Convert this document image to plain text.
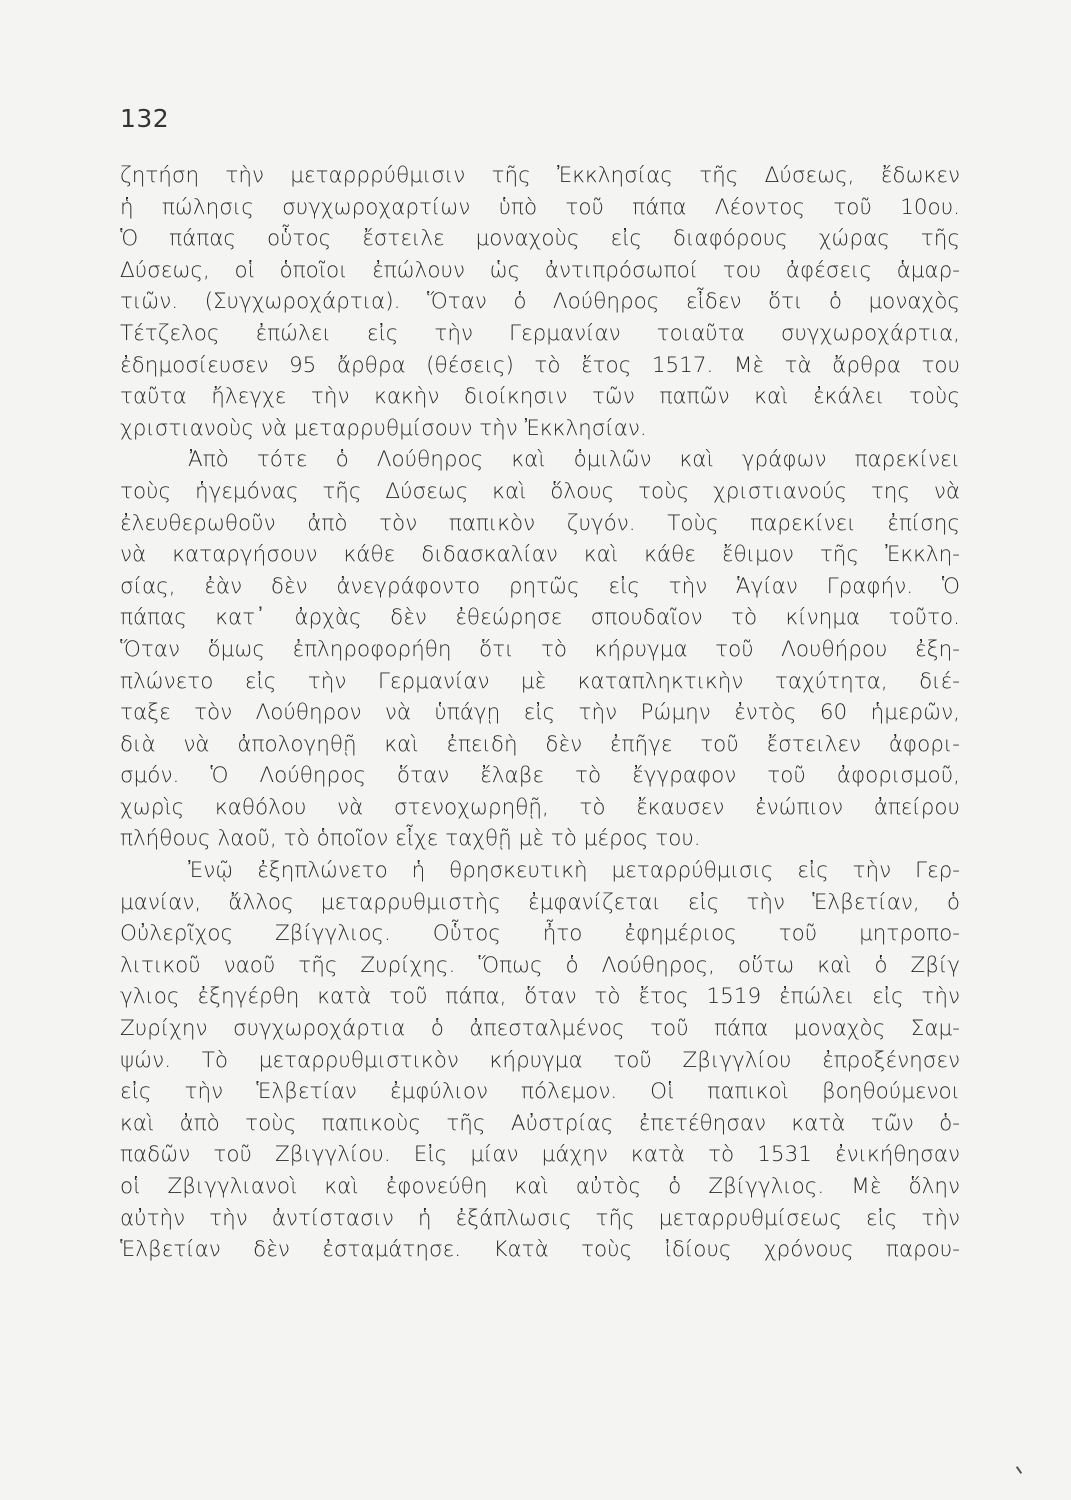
132
ζητήση τὴν μεταρρρύθμισιν τῆς Ἐκκλησίας τῆς Δύσεως, ἔδωκεν
ἡ πώλησις συγχωροχαρτίων ὑπὸ τοῦ πάπα Λέοντος τοῦ 10ου.
Ὁ πάπας οὗτος ἔστειλε μοναχοὺς εἰς διαφόρους χώρας τῆς
Δύσεως, οἱ ὁποῖοι ἐπώλουν ὡς ἀντιπρόσωποί του ἀφέσεις ἁμαρ-
τιῶν. (Συγχωροχάρτια). Ὅταν ὁ Λούθηρος εἶδεν ὅτι ὁ μοναχὸς
Τέτζελος ἐπώλει εἰς τὴν Γερμανίαν τοιαῦτα συγχωροχάρτια,
ἐδημοσίευσεν 95 ἄρθρα (θέσεις) τὸ ἔτος 1517. Μὲ τὰ ἄρθρα του
ταῦτα ἤλεγχε τὴν κακὴν διοίκησιν τῶν παπῶν καὶ ἐκάλει τοὺς
χριστιανοὺς νὰ μεταρρυθμίσουν τὴν Ἐκκλησίαν.
Ἀπὸ τότε ὁ Λούθηρος καὶ ὁμιλῶν καὶ γράφων παρεκίνει
τοὺς ἡγεμόνας τῆς Δύσεως καὶ ὅλους τοὺς χριστιανούς της νὰ
ἐλευθερωθοῦν ἀπὸ τὸν παπικὸν ζυγόν. Τοὺς παρεκίνει ἐπίσης
νὰ καταργήσουν κάθε διδασκαλίαν καὶ κάθε ἔθιμον τῆς Ἐκκλη-
σίας, ἐὰν δὲν ἀνεγράφοντο ρητῶς εἰς τὴν Ἁγίαν Γραφήν. Ὁ
πάπας κατ᾽ ἀρχὰς δὲν ἐθεώρησε σπουδαῖον τὸ κίνημα τοῦτο.
Ὅταν ὅμως ἐπληροφορήθη ὅτι τὸ κήρυγμα τοῦ Λουθήρου ἐξη-
πλώνετο εἰς τὴν Γερμανίαν μὲ καταπληκτικὴν ταχύτητα, διέ-
ταξε τὸν Λούθηρον νὰ ὑπάγῃ εἰς τὴν Ρώμην ἐντὸς 60 ἡμερῶν,
διὰ νὰ ἀπολογηθῇ καὶ ἐπειδὴ δὲν ἐπῆγε τοῦ ἔστειλεν ἀφορι-
σμόν. Ὁ Λούθηρος ὅταν ἔλαβε τὸ ἔγγραφον τοῦ ἀφορισμοῦ,
χωρὶς καθόλου νὰ στενοχωρηθῇ, τὸ ἔκαυσεν ἐνώπιον ἀπείρου
πλήθους λαοῦ, τὸ ὁποῖον εἶχε ταχθῇ μὲ τὸ μέρος του.
Ἐνῷ ἐξηπλώνετο ἡ θρησκευτικὴ μεταρρύθμισις εἰς τὴν Γερ-
μανίαν, ἄλλος μεταρρυθμιστὴς ἐμφανίζεται εἰς τὴν Ἑλβετίαν, ὁ
Οὐλερῖχος Ζβίγγλιος. Οὗτος ἦτο ἐφημέριος τοῦ μητροπο-
λιτικοῦ ναοῦ τῆς Ζυρίχης. Ὅπως ὁ Λούθηρος, οὕτω καὶ ὁ Ζβίγ
γλιος ἐξηγέρθη κατὰ τοῦ πάπα, ὅταν τὸ ἔτος 1519 ἐπώλει εἰς τὴν
Ζυρίχην συγχωροχάρτια ὁ ἀπεσταλμένος τοῦ πάπα μοναχὸς Σαμ-
ψών. Τὸ μεταρρυθμιστικὸν κήρυγμα τοῦ Ζβιγγλίου ἐπροξένησεν
εἰς τὴν Ἑλβετίαν ἐμφύλιον πόλεμον. Οἱ παπικοὶ βοηθούμενοι
καὶ ἀπὸ τοὺς παπικοὺς τῆς Αὐστρίας ἐπετέθησαν κατὰ τῶν ὁ-
παδῶν τοῦ Ζβιγγλίου. Εἰς μίαν μάχην κατὰ τὸ 1531 ἐνικήθησαν
οἱ Ζβιγγλιανοὶ καὶ ἐφονεύθη καὶ αὐτὸς ὁ Ζβίγγλιος. Μὲ ὅλην
αὐτὴν τὴν ἀντίστασιν ἡ ἐξάπλωσις τῆς μεταρρυθμίσεως εἰς τὴν
Ἑλβετίαν δὲν ἐσταμάτησε. Κατὰ τοὺς ἰδίους χρόνους παρου-
